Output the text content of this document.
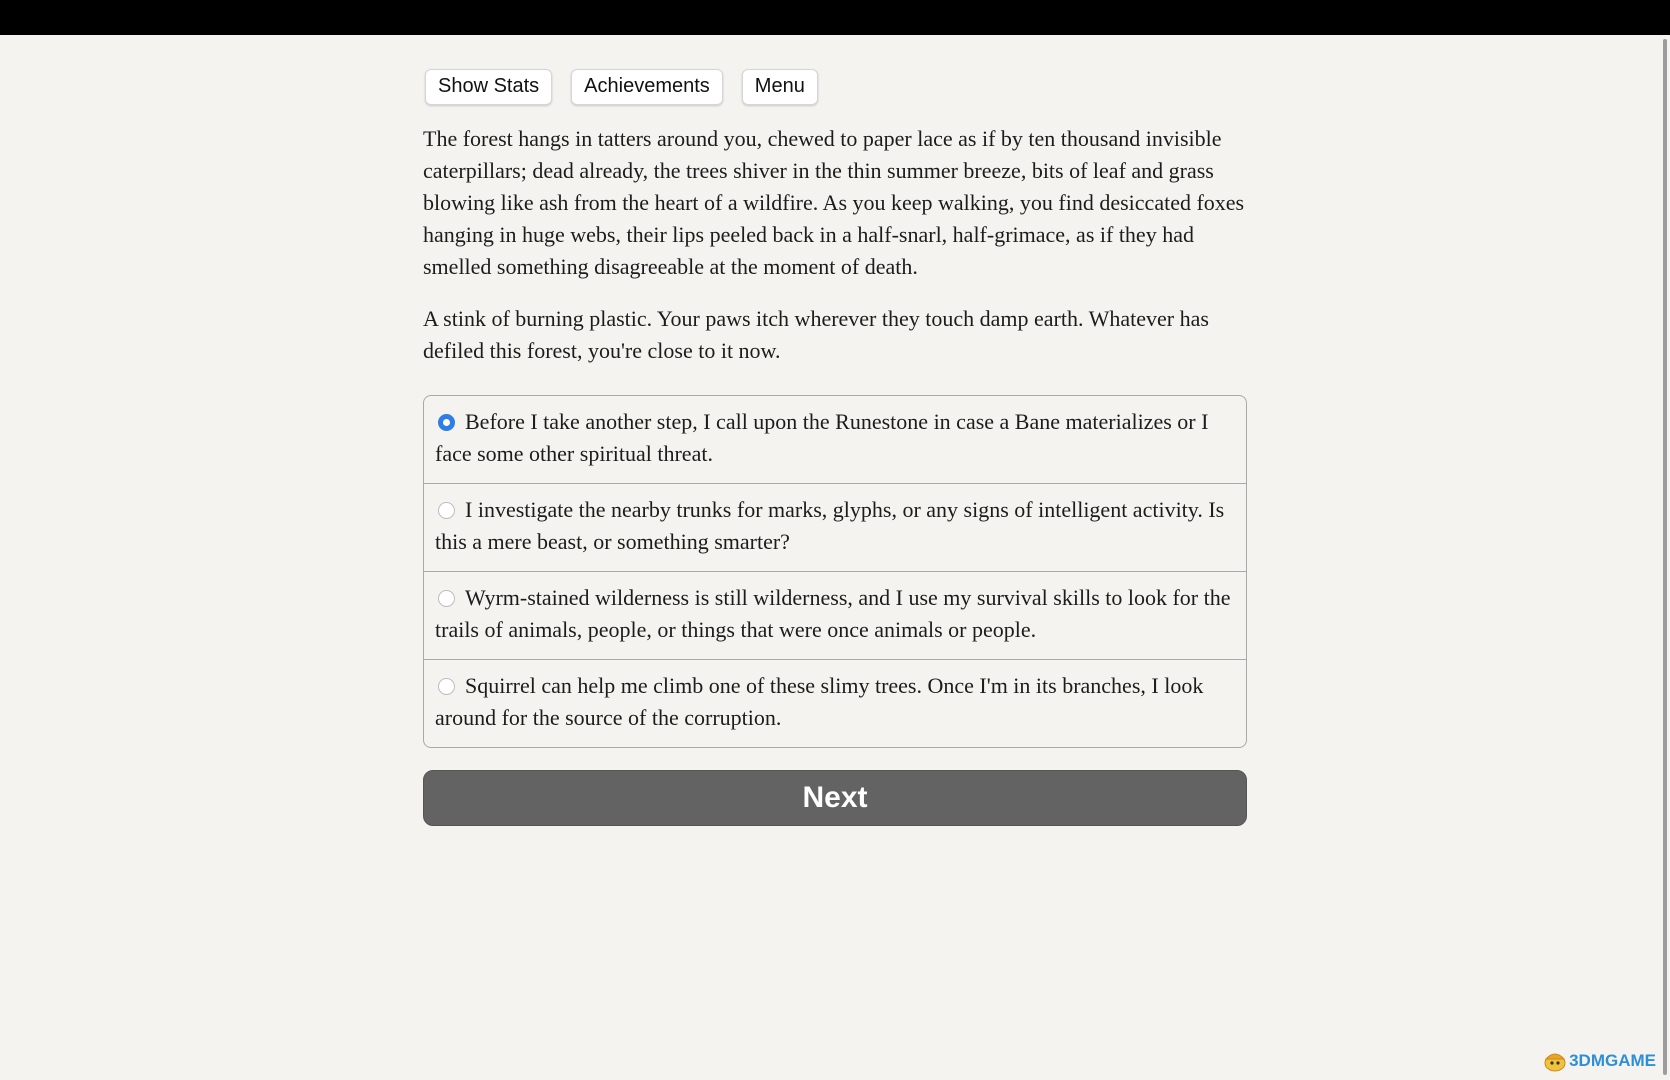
Show Stats	Achievements	Menu

The forest hangs in tatters around you, chewed to paper lace as if by ten thousand invisible caterpillars; dead already, the trees shiver in the thin summer breeze, bits of leaf and grass blowing like ash from the heart of a wildfire. As you keep walking, you find desiccated foxes hanging in huge webs, their lips peeled back in a half-snarl, half-grimace, as if they had smelled something disagreeable at the moment of death.

A stink of burning plastic. Your paws itch wherever they touch damp earth. Whatever has defiled this forest, you're close to it now.

Before I take another step, I call upon the Runestone in case a Bane materializes or I face some other spiritual threat.
I investigate the nearby trunks for marks, glyphs, or any signs of intelligent activity. Is this a mere beast, or something smarter?
Wyrm-stained wilderness is still wilderness, and I use my survival skills to look for the trails of animals, people, or things that were once animals or people.
Squirrel can help me climb one of these slimy trees. Once I'm in its branches, I look around for the source of the corruption.
Next
3DMGAME
